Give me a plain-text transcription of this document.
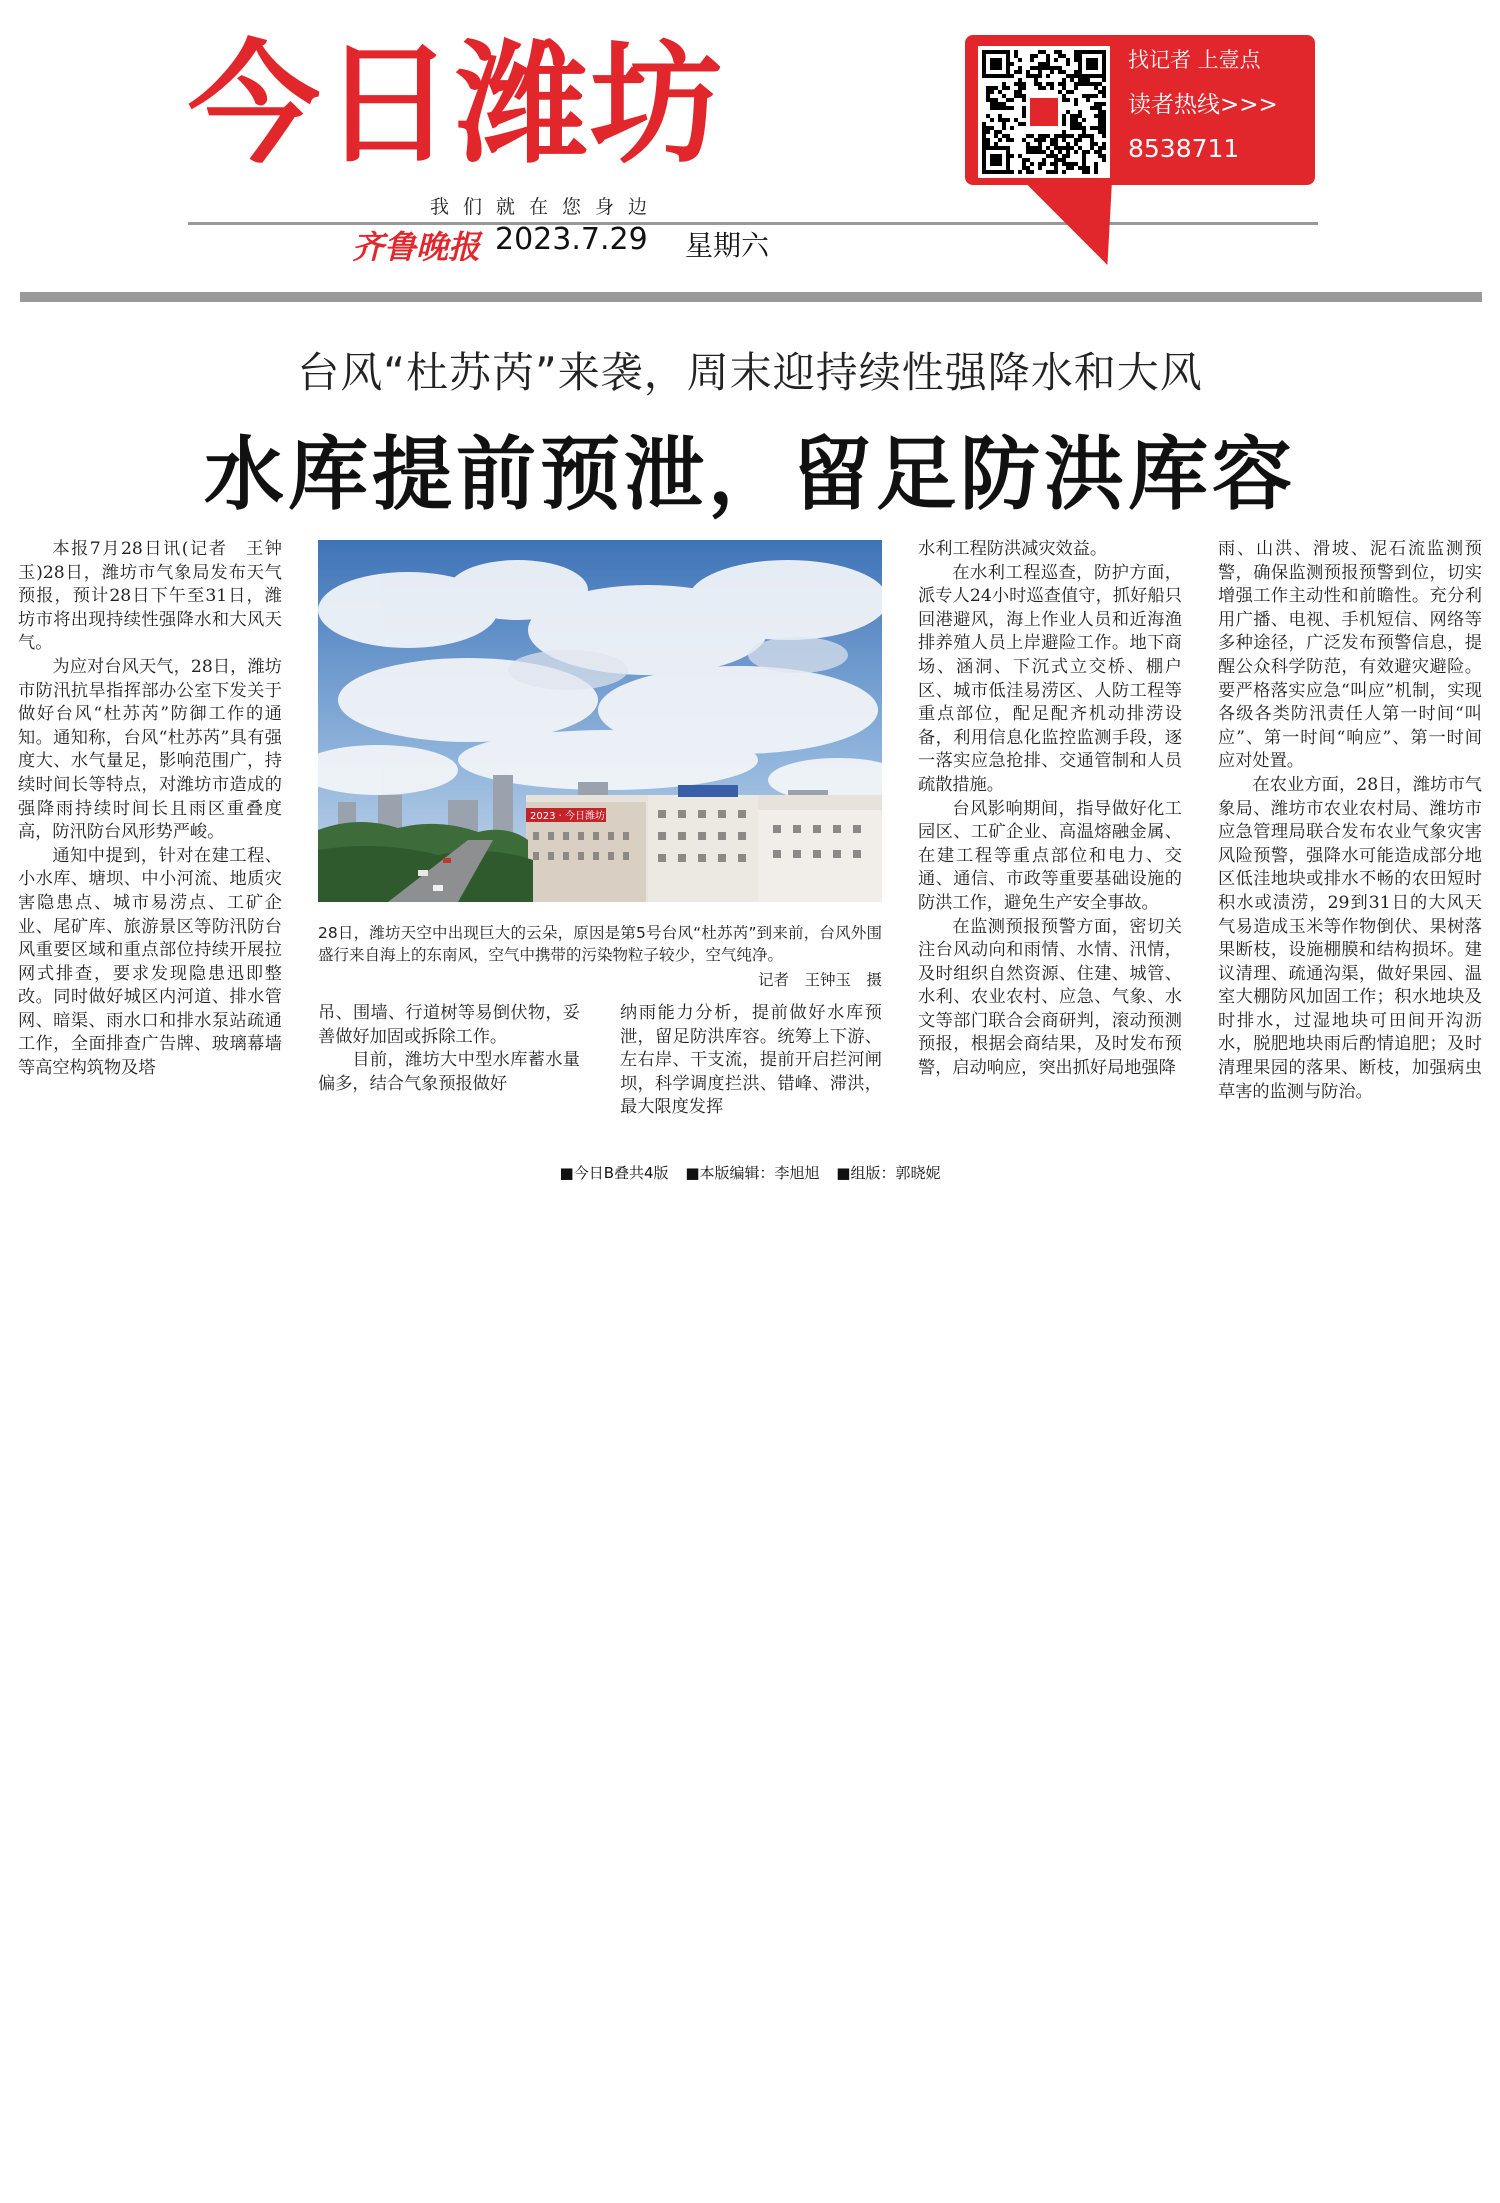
今日潍坊
我们就在您身边
齐鲁晚报 2023.7.29 星期六
找记者 上壹点
读者热线>>>
8538711
台风“杜苏芮”来袭，周末迎持续性强降水和大风
水库提前预泄，留足防洪库容

本报7月28日讯(记者　王钟玉)28日，潍坊市气象局发布天气预报，预计28日下午至31日，潍坊市将出现持续性强降水和大风天气。

为应对台风天气，28日，潍坊市防汛抗旱指挥部办公室下发关于做好台风“杜苏芮”防御工作的通知。通知称，台风“杜苏芮”具有强度大、水气量足，影响范围广，持续时间长等特点，对潍坊市造成的强降雨持续时间长且雨区重叠度高，防汛防台风形势严峻。

通知中提到，针对在建工程、小水库、塘坝、中小河流、地质灾害隐患点、城市易涝点、工矿企业、尾矿库、旅游景区等防汛防台风重要区域和重点部位持续开展拉网式排查，要求发现隐患迅即整改。同时做好城区内河道、排水管网、暗渠、雨水口和排水泵站疏通工作，全面排查广告牌、玻璃幕墙等高空构筑物及塔

2023 · 今日潍坊
28日，潍坊天空中出现巨大的云朵，原因是第5号台风“杜苏芮”到来前，台风外围盛行来自海上的东南风，空气中携带的污染物粒子较少，空气纯净。
记者　王钟玉　摄

吊、围墙、行道树等易倒伏物，妥善做好加固或拆除工作。

目前，潍坊大中型水库蓄水量偏多，结合气象预报做好

纳雨能力分析，提前做好水库预泄，留足防洪库容。统筹上下游、左右岸、干支流，提前开启拦河闸坝，科学调度拦洪、错峰、滞洪，最大限度发挥

水利工程防洪减灾效益。

在水利工程巡查，防护方面，派专人24小时巡查值守，抓好船只回港避风，海上作业人员和近海渔排养殖人员上岸避险工作。地下商场、涵洞、下沉式立交桥、棚户区、城市低洼易涝区、人防工程等重点部位，配足配齐机动排涝设备，利用信息化监控监测手段，逐一落实应急抢排、交通管制和人员疏散措施。

台风影响期间，指导做好化工园区、工矿企业、高温熔融金属、在建工程等重点部位和电力、交通、通信、市政等重要基础设施的防洪工作，避免生产安全事故。

在监测预报预警方面，密切关注台风动向和雨情、水情、汛情，及时组织自然资源、住建、城管、水利、农业农村、应急、气象、水文等部门联合会商研判，滚动预测预报，根据会商结果，及时发布预警，启动响应，突出抓好局地强降

雨、山洪、滑坡、泥石流监测预警，确保监测预报预警到位，切实增强工作主动性和前瞻性。充分利用广播、电视、手机短信、网络等多种途径，广泛发布预警信息，提醒公众科学防范，有效避灾避险。要严格落实应急“叫应”机制，实现各级各类防汛责任人第一时间“叫应”、第一时间“响应”、第一时间应对处置。

在农业方面，28日，潍坊市气象局、潍坊市农业农村局、潍坊市应急管理局联合发布农业气象灾害风险预警，强降水可能造成部分地区低洼地块或排水不畅的农田短时积水或渍涝，29到31日的大风天气易造成玉米等作物倒伏、果树落果断枝，设施棚膜和结构损坏。建议清理、疏通沟渠，做好果园、温室大棚防风加固工作；积水地块及时排水，过湿地块可田间开沟沥水，脱肥地块雨后酌情追肥；及时清理果园的落果、断枝，加强病虫草害的监测与防治。

■今日B叠共4版 ■本版编辑：李旭旭 ■组版：郭晓妮
